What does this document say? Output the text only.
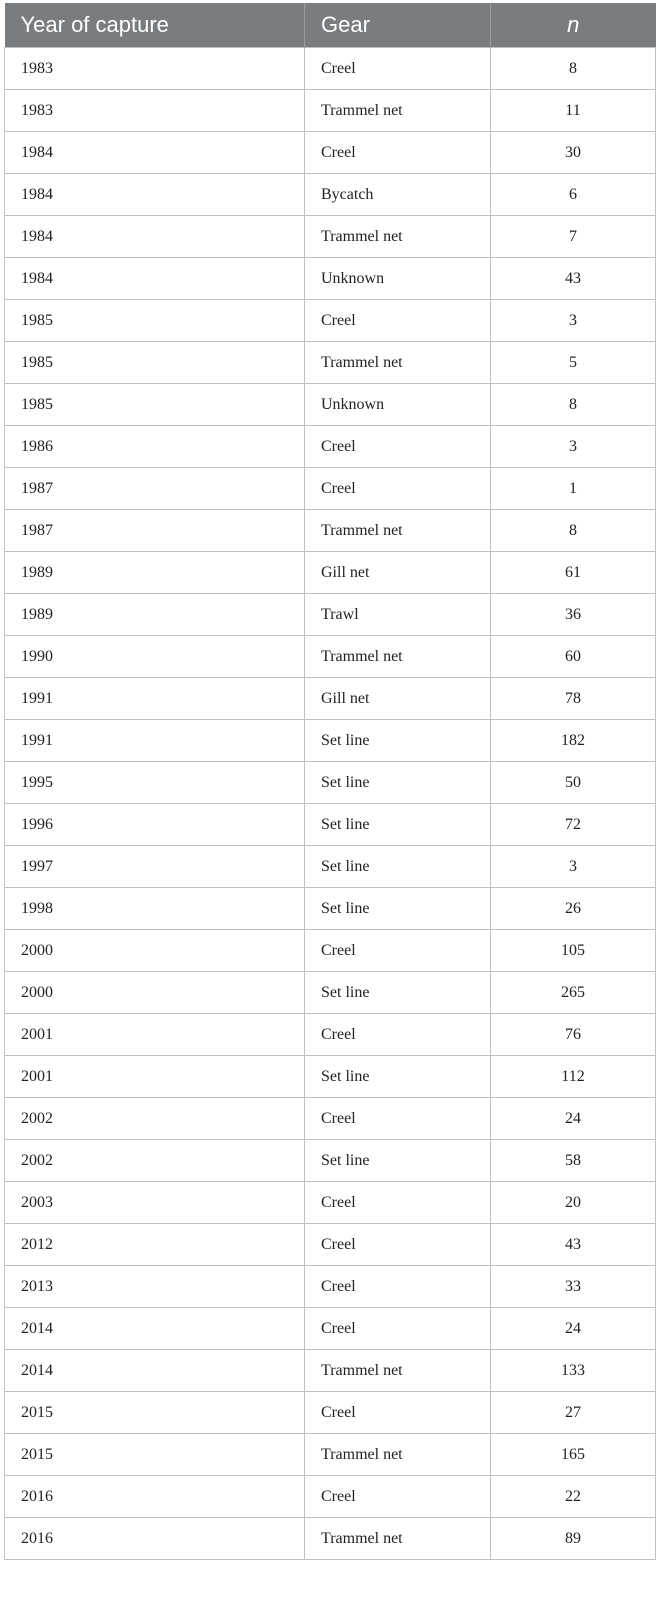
Year of capture	Gear	n
1983	Creel	8
1983	Trammel net	11
1984	Creel	30
1984	Bycatch	6
1984	Trammel net	7
1984	Unknown	43
1985	Creel	3
1985	Trammel net	5
1985	Unknown	8
1986	Creel	3
1987	Creel	1
1987	Trammel net	8
1989	Gill net	61
1989	Trawl	36
1990	Trammel net	60
1991	Gill net	78
1991	Set line	182
1995	Set line	50
1996	Set line	72
1997	Set line	3
1998	Set line	26
2000	Creel	105
2000	Set line	265
2001	Creel	76
2001	Set line	112
2002	Creel	24
2002	Set line	58
2003	Creel	20
2012	Creel	43
2013	Creel	33
2014	Creel	24
2014	Trammel net	133
2015	Creel	27
2015	Trammel net	165
2016	Creel	22
2016	Trammel net	89
